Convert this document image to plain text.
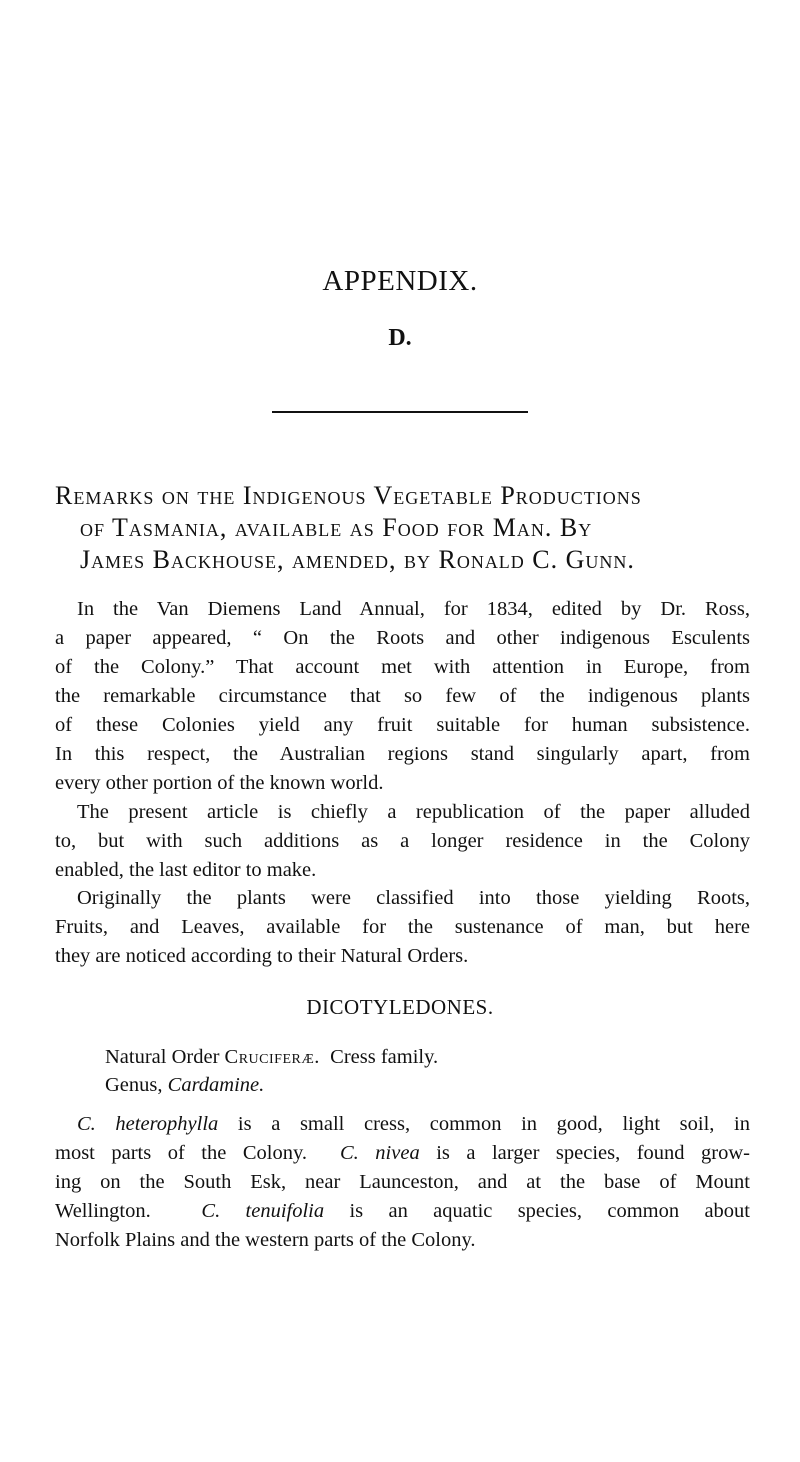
APPENDIX.
D.
Remarks on the Indigenous Vegetable Productions
of Tasmania, available as Food for Man. By
James Backhouse, amended, by Ronald C. Gunn.
In the Van Diemens Land Annual, for 1834, edited by Dr. Ross,
a paper appeared, “ On the Roots and other indigenous Esculents
of the Colony.” That account met with attention in Europe, from
the remarkable circumstance that so few of the indigenous plants
of these Colonies yield any fruit suitable for human subsistence.
In this respect, the Australian regions stand singularly apart, from
every other portion of the known world.
The present article is chiefly a republication of the paper alluded
to, but with such additions as a longer residence in the Colony
enabled, the last editor to make.
Originally the plants were classified into those yielding Roots,
Fruits, and Leaves, available for the sustenance of man, but here
they are noticed according to their Natural Orders.
DICOTYLEDONES.
Natural Order Cruciferæ.  Cress family.
Genus, Cardamine.
C. heterophylla is a small cress, common in good, light soil, in
most parts of the Colony.  C. nivea is a larger species, found grow-
ing on the South Esk, near Launceston, and at the base of Mount
Wellington.  C. tenuifolia is an aquatic species, common about
Norfolk Plains and the western parts of the Colony.
